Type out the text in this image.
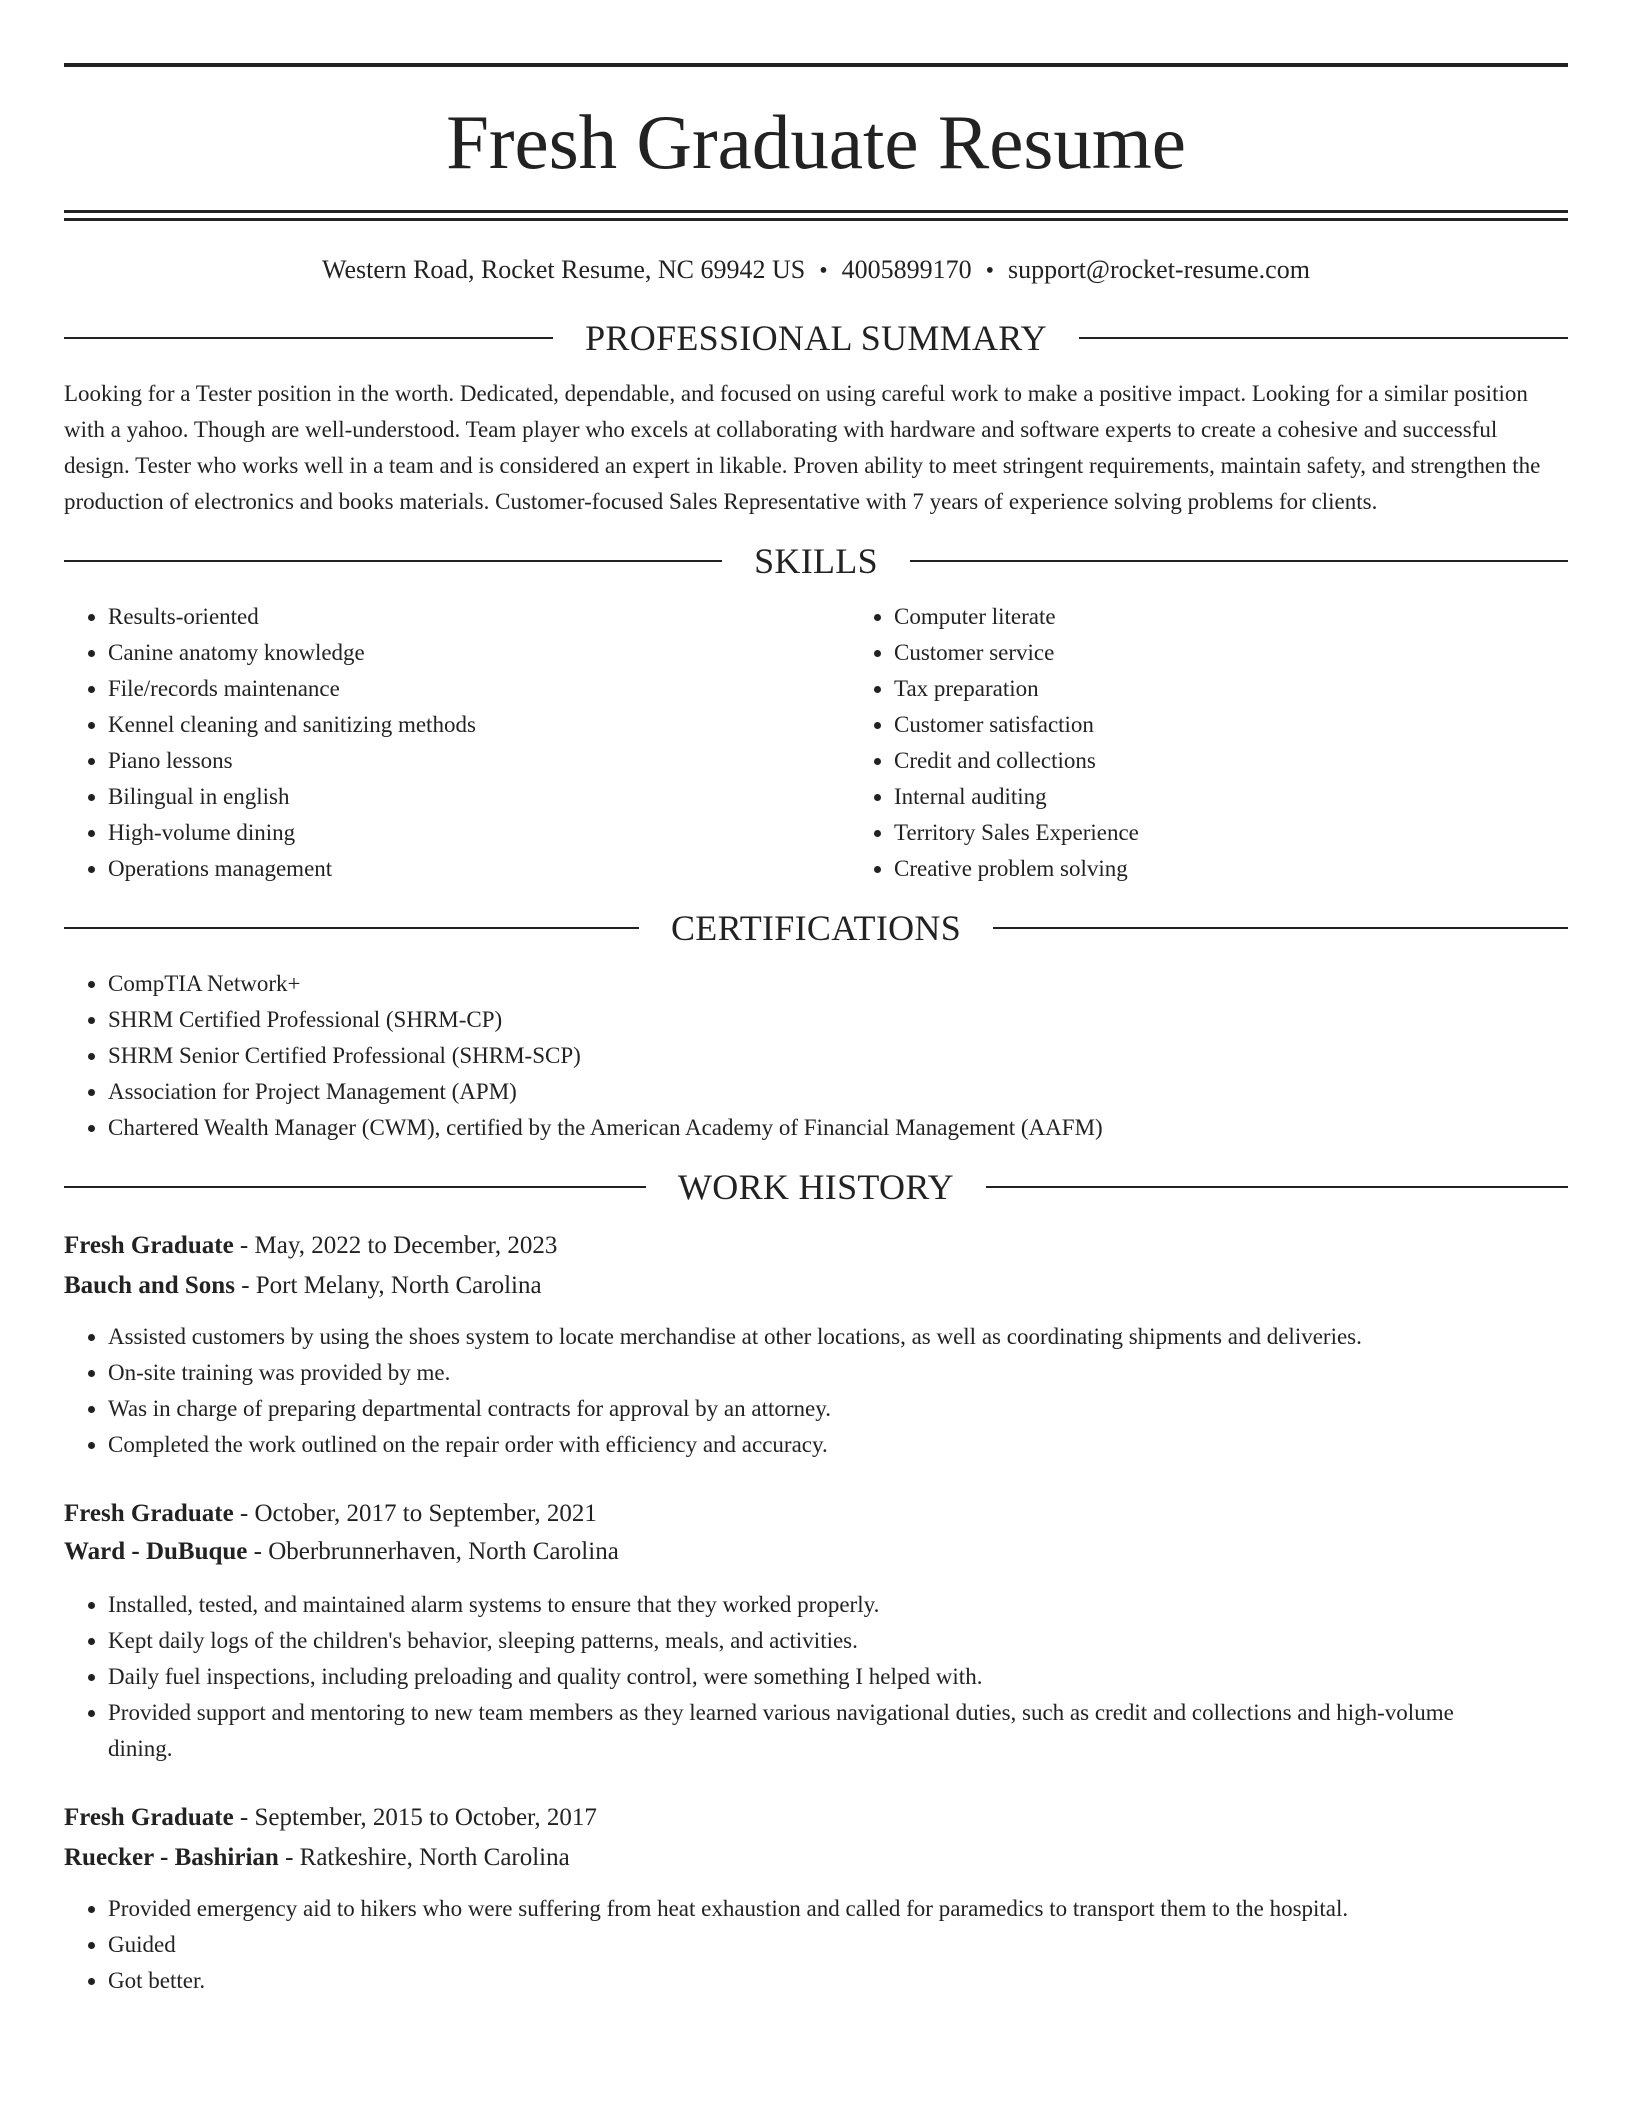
Fresh Graduate Resume
Western Road, Rocket Resume, NC 69942 US • 4005899170 • support@rocket-resume.com
PROFESSIONAL SUMMARY

Looking for a Tester position in the worth. Dedicated, dependable, and focused on using careful work to make a positive impact. Looking for a similar position with a yahoo. Though are well-understood. Team player who excels at collaborating with hardware and software experts to create a cohesive and successful design. Tester who works well in a team and is considered an expert in likable. Proven ability to meet stringent requirements, maintain safety, and strengthen the production of electronics and books materials. Customer-focused Sales Representative with 7 years of experience solving problems for clients.

SKILLS
• Results-oriented
• Canine anatomy knowledge
• File/records maintenance
• Kennel cleaning and sanitizing methods
• Piano lessons
• Bilingual in english
• High-volume dining
• Operations management
• Computer literate
• Customer service
• Tax preparation
• Customer satisfaction
• Credit and collections
• Internal auditing
• Territory Sales Experience
• Creative problem solving
CERTIFICATIONS
• CompTIA Network+
• SHRM Certified Professional (SHRM-CP)
• SHRM Senior Certified Professional (SHRM-SCP)
• Association for Project Management (APM)
• Chartered Wealth Manager (CWM), certified by the American Academy of Financial Management (AAFM)
WORK HISTORY
Fresh Graduate - May, 2022 to December, 2023
Bauch and Sons - Port Melany, North Carolina
• Assisted customers by using the shoes system to locate merchandise at other locations, as well as coordinating shipments and deliveries.
• On-site training was provided by me.
• Was in charge of preparing departmental contracts for approval by an attorney.
• Completed the work outlined on the repair order with efficiency and accuracy.
Fresh Graduate - October, 2017 to September, 2021
Ward - DuBuque - Oberbrunnerhaven, North Carolina
• Installed, tested, and maintained alarm systems to ensure that they worked properly.
• Kept daily logs of the children's behavior, sleeping patterns, meals, and activities.
• Daily fuel inspections, including preloading and quality control, were something I helped with.
• Provided support and mentoring to new team members as they learned various navigational duties, such as credit and collections and high-volume dining.
Fresh Graduate - September, 2015 to October, 2017
Ruecker - Bashirian - Ratkeshire, North Carolina
• Provided emergency aid to hikers who were suffering from heat exhaustion and called for paramedics to transport them to the hospital.
• Guided
• Got better.
